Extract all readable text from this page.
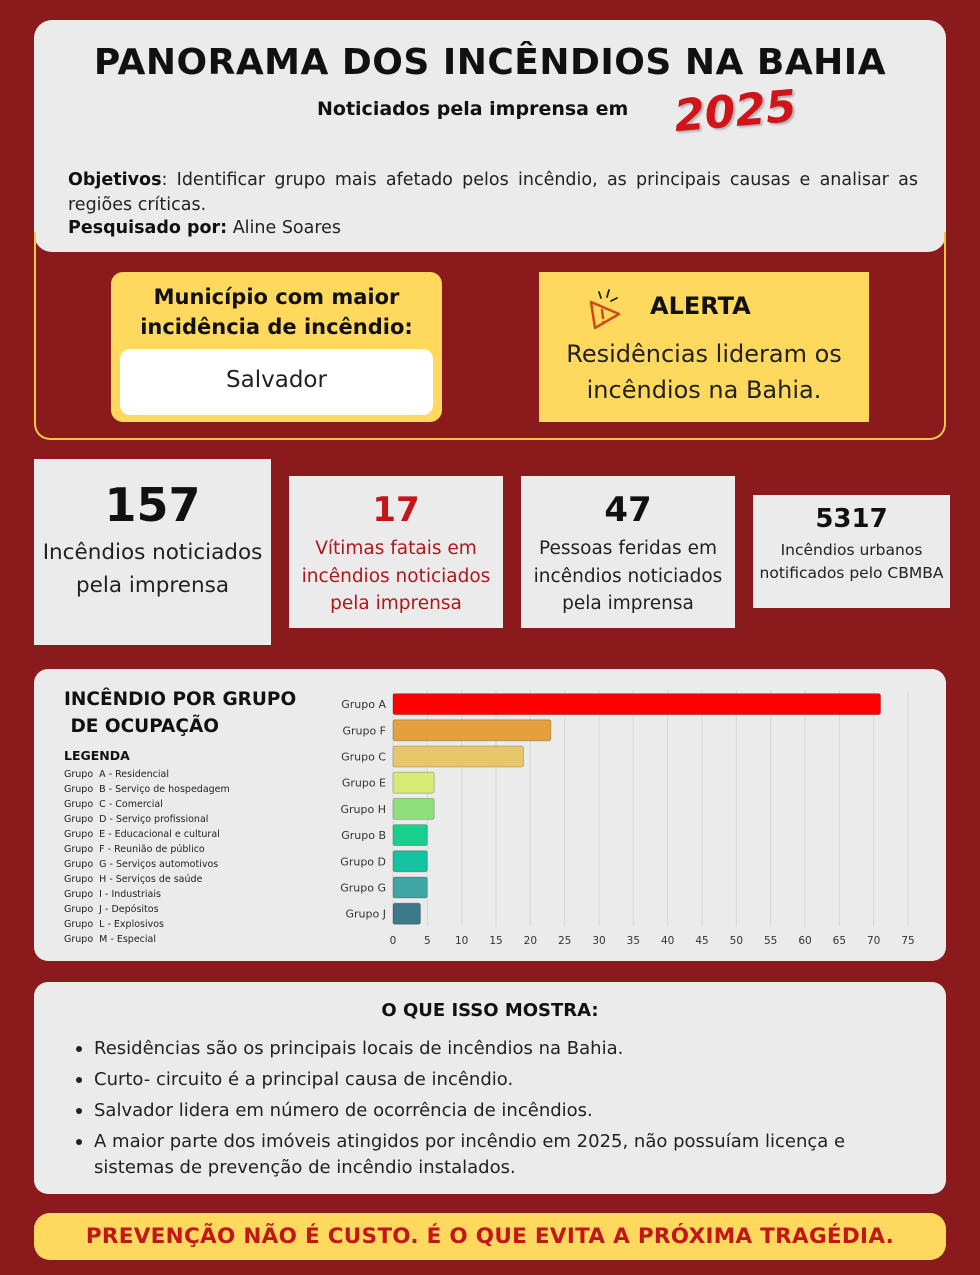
PANORAMA DOS INCÊNDIOS NA BAHIA
Noticiados pela imprensa em 2025
Objetivos: Identificar grupo mais afetado pelos incêndio, as principais causas e analisar as regiões críticas.
Pesquisado por: Aline Soares
Município com maior incidência de incêndio:
Salvador
ALERTA
Residências lideram os incêndios na Bahia.
157
Incêndios noticiados pela imprensa
17
Vítimas fatais em incêndios noticiados pela imprensa
47
Pessoas feridas em incêndios noticiados pela imprensa
5317
Incêndios urbanos notificados pelo CBMBA
INCÊNDIO POR GRUPO
DE OCUPAÇÃO
LEGENDA
Grupo  A - Residencial
Grupo  B - Serviço de hospedagem
Grupo  C - Comercial
Grupo  D - Serviço profissional
Grupo  E - Educacional e cultural
Grupo  F - Reunião de público
Grupo  G - Serviços automotivos
Grupo  H - Serviços de saúde
Grupo  I - Industriais
Grupo  J - Depósitos
Grupo  L - Explosivos
Grupo  M - Especial	0	5 10 15 20 25 30 35 40 45 50 55 60 65 70 75
Grupo A
Grupo F
Grupo C
Grupo E
Grupo H
Grupo B
Grupo D
Grupo G
Grupo J
O QUE ISSO MOSTRA:
Residências são os principais locais de incêndios na Bahia.
Curto- circuito é a principal causa de incêndio.
Salvador lidera em número de ocorrência de incêndios.
A maior parte dos imóveis atingidos por incêndio em 2025, não possuíam licença e sistemas de prevenção de incêndio instalados.
PREVENÇÃO NÃO É CUSTO. É O QUE EVITA A PRÓXIMA TRAGÉDIA.
